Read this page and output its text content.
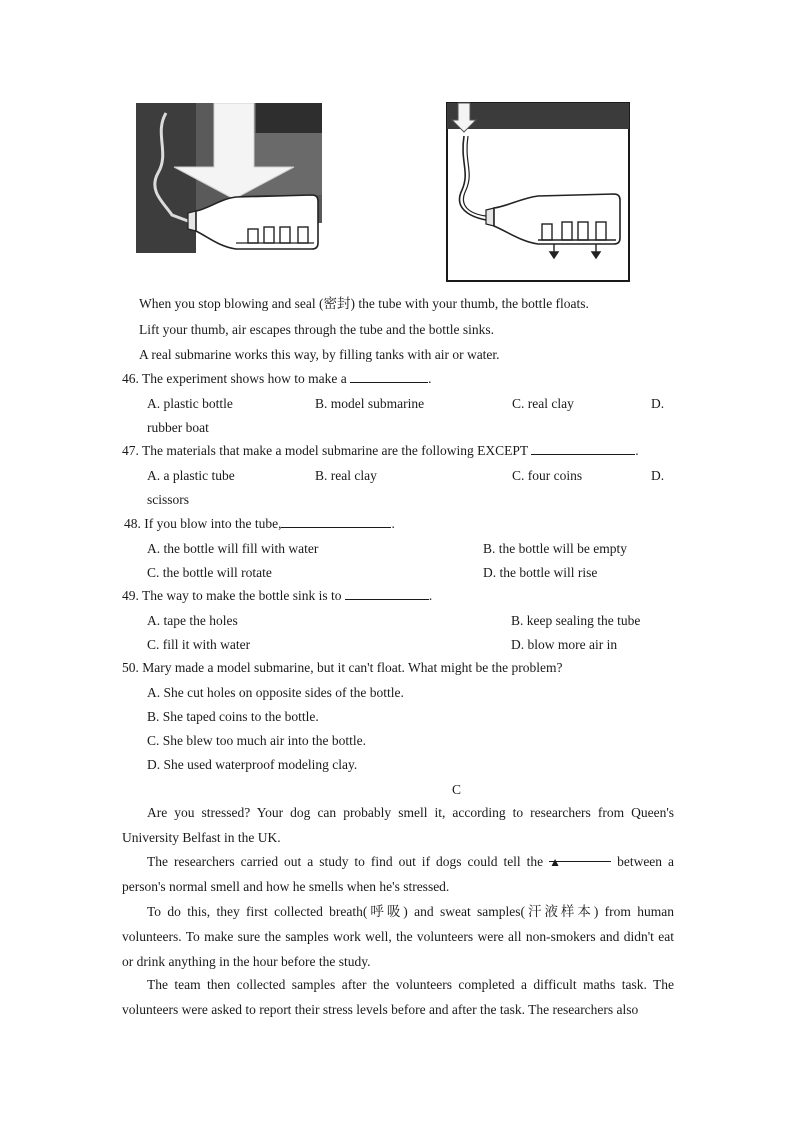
When you stop blowing and seal (密封) the tube with your thumb, the bottle floats.
Lift your thumb, air escapes through the tube and the bottle sinks.
A real submarine works this way, by filling tanks with air or water.
46. The experiment shows how to make a	.
A. plastic bottle	B. model submarine	C. real clay	D.
rubber boat
47. The materials that make a model submarine are the following EXCEPT	.
A. a plastic tube	B. real clay	C. four coins	D.
scissors
48. If you blow into the tube,	.
A. the bottle will fill with water	B. the bottle will be empty
C. the bottle will rotate	D. the bottle will rise
49. The way to make the bottle sink is to	.
A. tape the holes	B. keep sealing the tube
C. fill it with water	D. blow more air in
50. Mary made a model submarine, but it can't float. What might be the problem?
A. She cut holes on opposite sides of the bottle.
B. She taped coins to the bottle.
C. She blew too much air into the bottle.
D. She used waterproof modeling clay.
C
Are you stressed? Your dog can probably smell it, according to researchers from Queen's University Belfast in the UK.
The researchers carried out a study to find out if dogs could tell the ▲	between a person's normal smell and how he smells when he's stressed.
To do this, they first collected breath(呼吸) and sweat samples(汗液样本) from human volunteers. To make sure the samples work well, the volunteers were all non-smokers and didn't eat or drink anything in the hour before the study.
The team then collected samples after the volunteers completed a difficult maths task. The volunteers were asked to report their stress levels before and after the task. The researchers also
